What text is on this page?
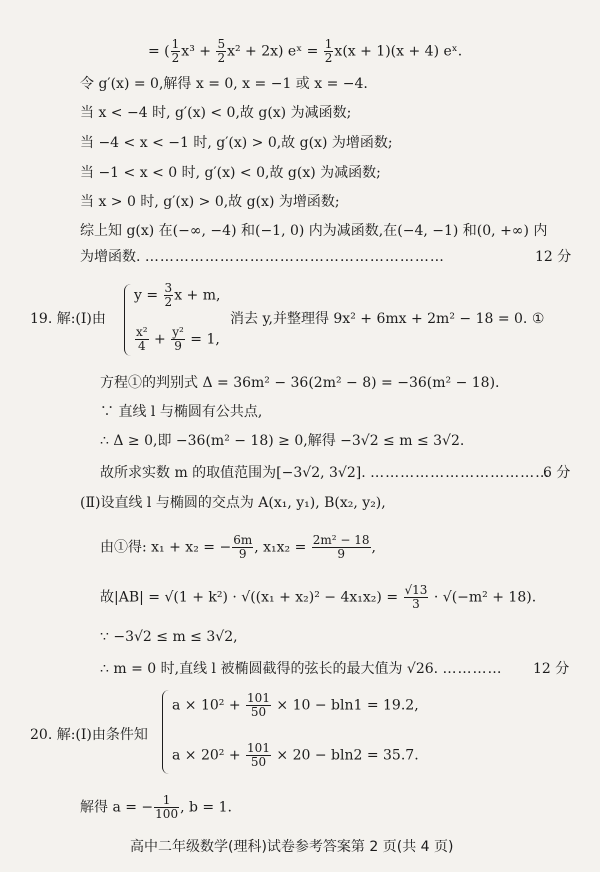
= ( $\frac{1}{2} x^3 + \frac{5}{2} x^2 + 2x$) eˣ = $\frac{1}{2} x(x + 1)(x + 4)$ eˣ.
令 g′(x) = 0,解得 x = 0, x = −1 或 x = −4.
当 x < −4 时, g′(x) < 0,故 g(x) 为减函数;
当 −4 < x < −1 时, g′(x) > 0,故 g(x) 为增函数;
当 −1 < x < 0 时, g′(x) < 0,故 g(x) 为减函数;
当 x > 0 时, g′(x) > 0,故 g(x) 为增函数;
综上知 g(x) 在(−∞, −4) 和(−1, 0) 内为减函数,在(−4, −1) 和(0, +∞) 内
为增函数. ……………………………………………………	12 分
19. 解:(Ⅰ)由
$y = \frac{3}{2}$ x + m,
$\frac{\text{x²}}{4} + \frac{\text{y²}}{9} = 1$,
消去 y,并整理得 9x² + 6mx + 2m² − 18 = 0. ①
方程①的判别式 Δ = 36m² − 36(2m² − 8) = −36(m² − 18).
∵ 直线 l 与椭圆有公共点,
∴ Δ ≥ 0,即 −36(m² − 18) ≥ 0,解得 −3√2 ≤ m ≤ 3√2.
故所求实数 m 的取值范围为[−3√2, 3√2]. ………………………………
6 分
(Ⅱ)设直线 l 与椭圆的交点为 A(x₁, y₁), B(x₂, y₂),
由①得: x₁ + x₂ = − $\frac{6m}{9}$ , $x_1x_2 = \frac{\text{2m² − 18}}{9}$ ,
故$|AB| = √(1 + k^2) \cdot √((x_1 + x_2)^2 - 4x_1x_2) = \frac{√13}{3} \cdot √(-m^2 + 18)$.
∵ −3√2 ≤ m ≤ 3√2,
∴ m = 0 时,直线 l 被椭圆截得的弦长的最大值为 √26. ………… 12 分
20. 解:(Ⅰ)由条件知
$a \times 10^2 + \frac{101}{50} \times 10 - bln1 = 19.2$,
$a \times 20^2 + \frac{101}{50} \times 20 - bln2 = 35.7$.
解得 a = − $\frac{1}{100}$ , b = 1.
高中二年级数学(理科)试卷参考答案第 2 页(共 4 页)
